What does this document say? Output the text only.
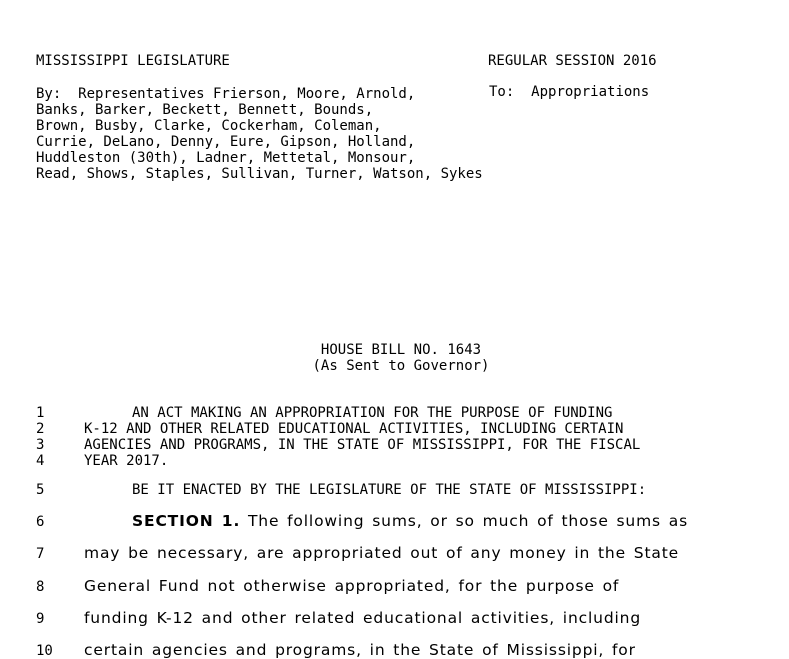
MISSISSIPPI LEGISLATURE	REGULAR SESSION 2016
By:  Representatives Frierson, Moore, Arnold,
Banks, Barker, Beckett, Bennett, Bounds,
Brown, Busby, Clarke, Cockerham, Coleman,
Currie, DeLano, Denny, Eure, Gipson, Holland,
Huddleston (30th), Ladner, Mettetal, Monsour,
Read, Shows, Staples, Sullivan, Turner, Watson, Sykes
To: Appropriations
HOUSE BILL NO. 1643
(As Sent to Governor)
1	AN ACT MAKING AN APPROPRIATION FOR THE PURPOSE OF FUNDING
2	K-12 AND OTHER RELATED EDUCATIONAL ACTIVITIES, INCLUDING CERTAIN
3	AGENCIES AND PROGRAMS, IN THE STATE OF MISSISSIPPI, FOR THE FISCAL
4	YEAR 2017.
5	BE IT ENACTED BY THE LEGISLATURE OF THE STATE OF MISSISSIPPI:
6	SECTION 1. The following sums, or so much of those sums as
7	may be necessary, are appropriated out of any money in the State
8	General Fund not otherwise appropriated, for the purpose of
9	funding K-12 and other related educational activities, including
10	certain agencies and programs, in the State of Mississippi, for
